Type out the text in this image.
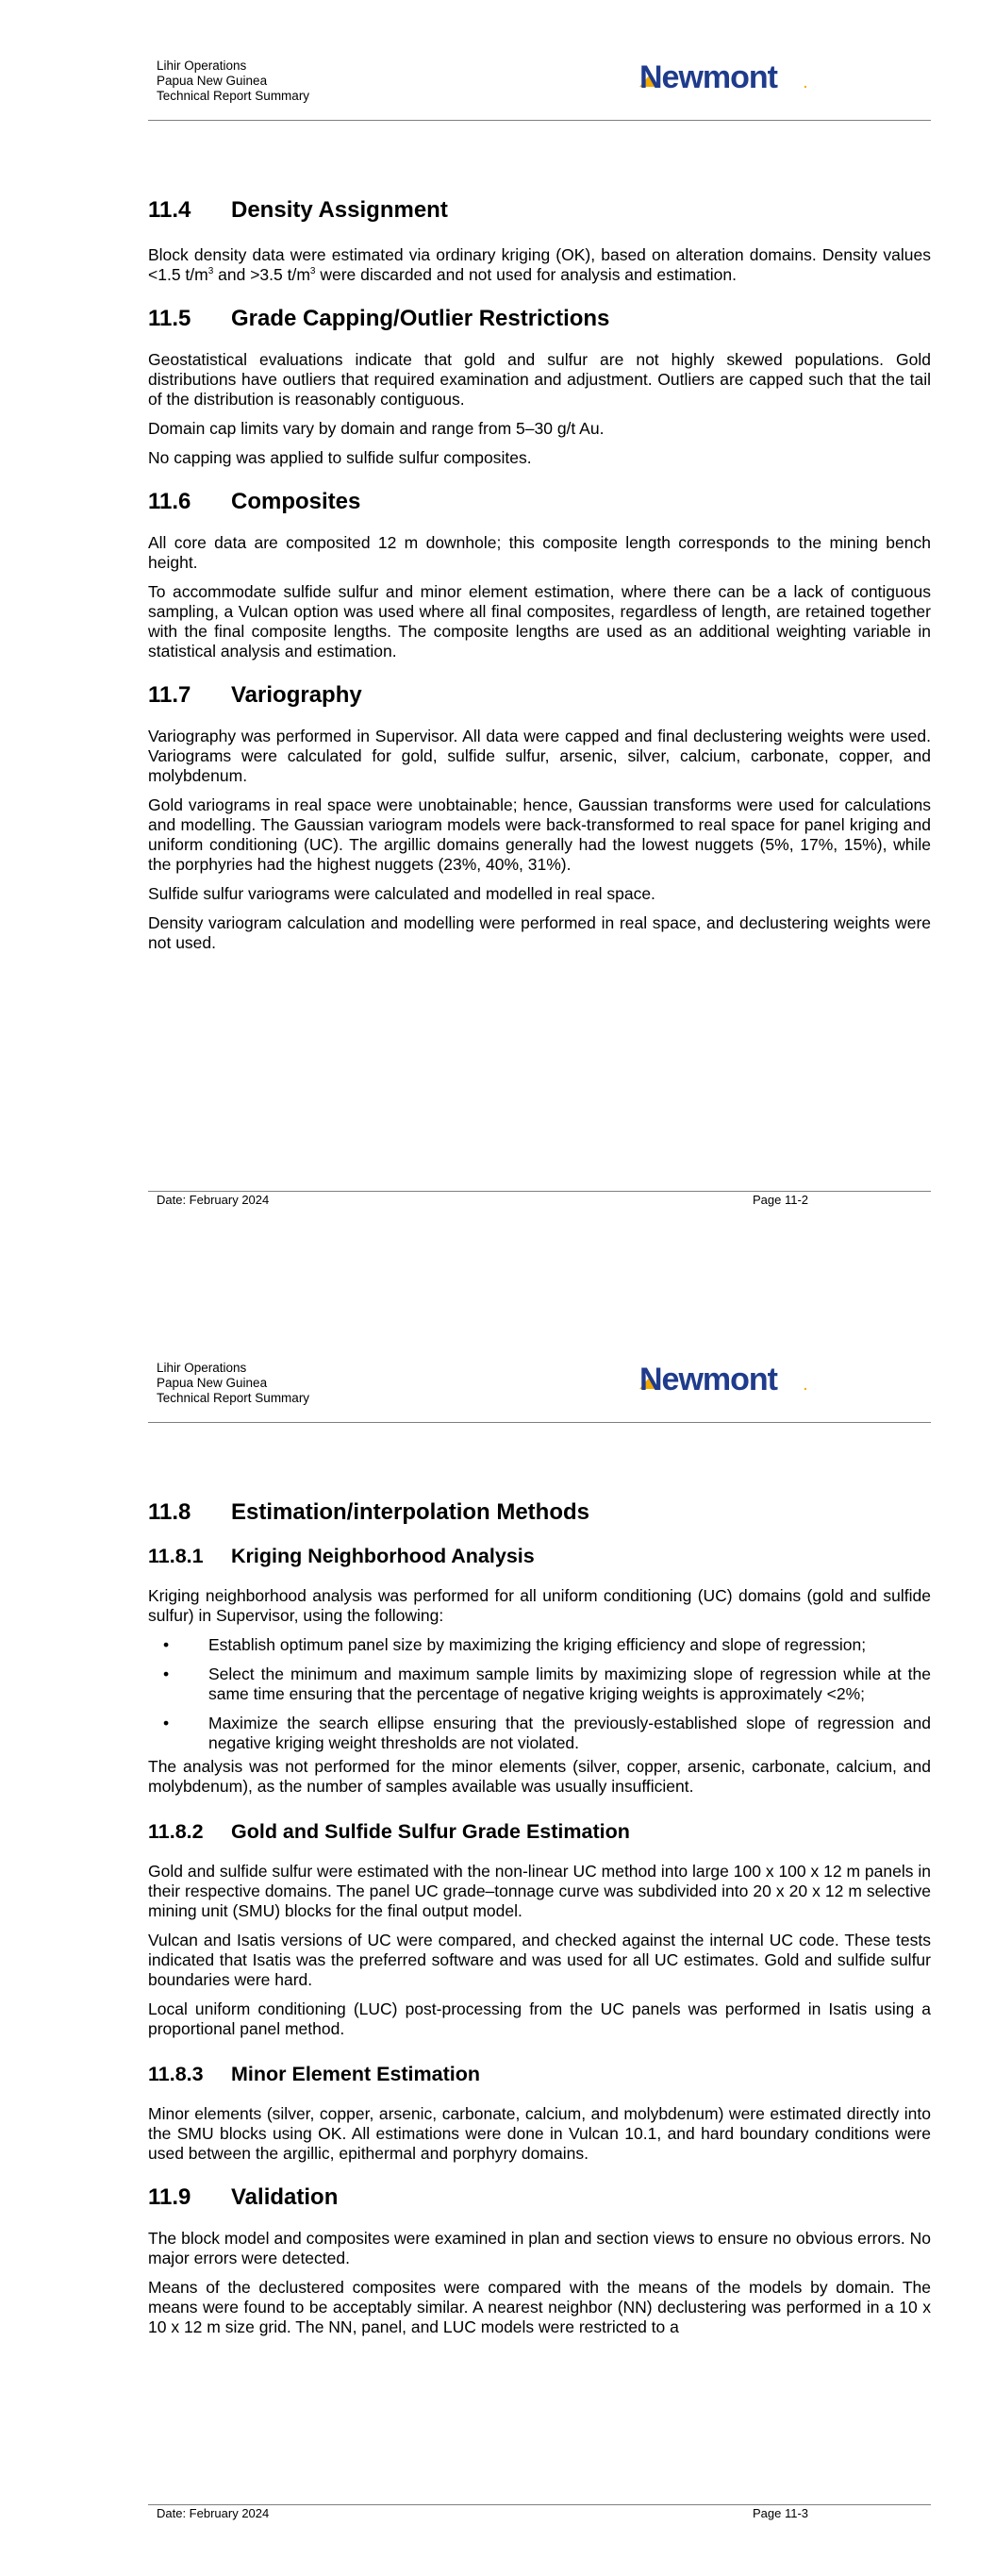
Lihir Operations
Papua New Guinea
Technical Report Summary
Newmont .
11.4 Density Assignment

Block density data were estimated via ordinary kriging (OK), based on alteration domains. Density values <1.5 $t/m^3$ and >3.5 $t/m^3$ were discarded and not used for analysis and estimation.

11.5 Grade Capping/Outlier Restrictions

Geostatistical evaluations indicate that gold and sulfur are not highly skewed populations. Gold distributions have outliers that required examination and adjustment. Outliers are capped such that the tail of the distribution is reasonably contiguous.

Domain cap limits vary by domain and range from 5–30 g/t Au.

No capping was applied to sulfide sulfur composites.

11.6 Composites

All core data are composited 12 m downhole; this composite length corresponds to the mining bench height.

To accommodate sulfide sulfur and minor element estimation, where there can be a lack of contiguous sampling, a Vulcan option was used where all final composites, regardless of length, are retained together with the final composite lengths. The composite lengths are used as an additional weighting variable in statistical analysis and estimation.

11.7 Variography

Variography was performed in Supervisor. All data were capped and final declustering weights were used. Variograms were calculated for gold, sulfide sulfur, arsenic, silver, calcium, carbonate, copper, and molybdenum.

Gold variograms in real space were unobtainable; hence, Gaussian transforms were used for calculations and modelling. The Gaussian variogram models were back-transformed to real space for panel kriging and uniform conditioning (UC). The argillic domains generally had the lowest nuggets (5%, 17%, 15%), while the porphyries had the highest nuggets (23%, 40%, 31%).

Sulfide sulfur variograms were calculated and modelled in real space.

Density variogram calculation and modelling were performed in real space, and declustering weights were not used.

Date: February 2024	Page 11-2
Lihir Operations
Papua New Guinea
Technical Report Summary
Newmont .
11.8 Estimation/interpolation Methods
11.8.1 Kriging Neighborhood Analysis

Kriging neighborhood analysis was performed for all uniform conditioning (UC) domains (gold and sulfide sulfur) in Supervisor, using the following:

• Establish optimum panel size by maximizing the kriging efficiency and slope of regression;
• Select the minimum and maximum sample limits by maximizing slope of regression while at the same time ensuring that the percentage of negative kriging weights is approximately <2%;
• Maximize the search ellipse ensuring that the previously-established slope of regression and negative kriging weight thresholds are not violated.

The analysis was not performed for the minor elements (silver, copper, arsenic, carbonate, calcium, and molybdenum), as the number of samples available was usually insufficient.

11.8.2 Gold and Sulfide Sulfur Grade Estimation

Gold and sulfide sulfur were estimated with the non-linear UC method into large 100 x 100 x 12 m panels in their respective domains. The panel UC grade–tonnage curve was subdivided into 20 x 20 x 12 m selective mining unit (SMU) blocks for the final output model.

Vulcan and Isatis versions of UC were compared, and checked against the internal UC code. These tests indicated that Isatis was the preferred software and was used for all UC estimates. Gold and sulfide sulfur boundaries were hard.

Local uniform conditioning (LUC) post-processing from the UC panels was performed in Isatis using a proportional panel method.

11.8.3 Minor Element Estimation

Minor elements (silver, copper, arsenic, carbonate, calcium, and molybdenum) were estimated directly into the SMU blocks using OK. All estimations were done in Vulcan 10.1, and hard boundary conditions were used between the argillic, epithermal and porphyry domains.

11.9 Validation

The block model and composites were examined in plan and section views to ensure no obvious errors. No major errors were detected.

Means of the declustered composites were compared with the means of the models by domain. The means were found to be acceptably similar. A nearest neighbor (NN) declustering was performed in a 10 x 10 x 12 m size grid. The NN, panel, and LUC models were restricted to a

Date: February 2024	Page 11-3
